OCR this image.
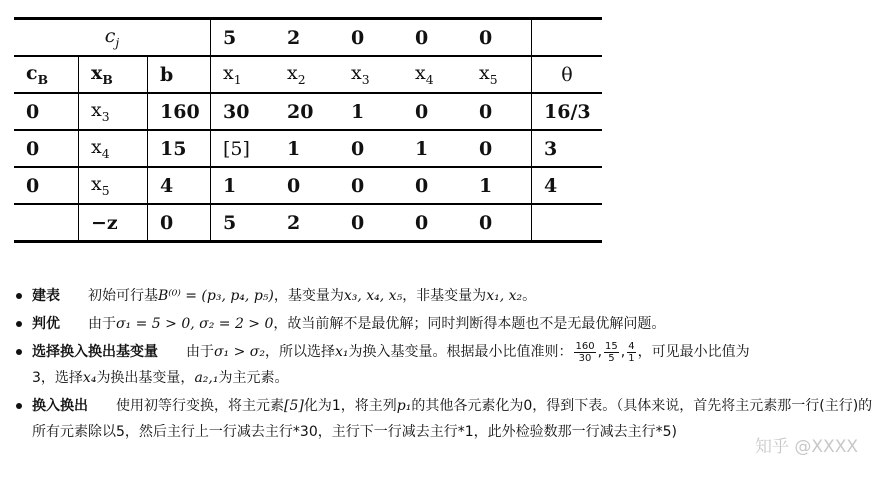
$c_j$			5	2	0	0	0	
$c_B$	$x_B$	b	$x_1$	$x_2$	$x_3$	$x_4$	$x_5$	θ
0	$x_3$	160	30	20	1	0	0	16/3
0	$x_4$	15	[5]	1	0	1	0	3
0	$x_5$	4	1	0	0	0	1	4
	−z	0	5	2	0	0	0	
建表 初始可行基B⁽⁰⁾ = (p₃, p₄, p₅)，基变量为x₃, x₄, x₅，非基变量为x₁, x₂。
判优 由于σ₁ = 5 > 0, σ₂ = 2 > 0，故当前解不是最优解；同时判断得本题也不是无最优解问题。
选择换入换出基变量 由于σ₁ > σ₂，所以选择x₁为换入基变量。根据最小比值准则： $\frac{160}{30}$ , $\frac{15}{5}$ , $\frac{4}{1}$ ，可见最小比值为
3，选择x₄为换出基变量，a₂,₁为主元素。
换入换出 使用初等行变换，将主元素[5]化为1，将主列p₁的其他各元素化为0，得到下表。（具体来说，首先将主元素那一行(主行)的所有元素除以5，然后主行上一行减去主行*30，主行下一行减去主行*1，此外检验数那一行减去主行*5)
知乎 @XXXX
